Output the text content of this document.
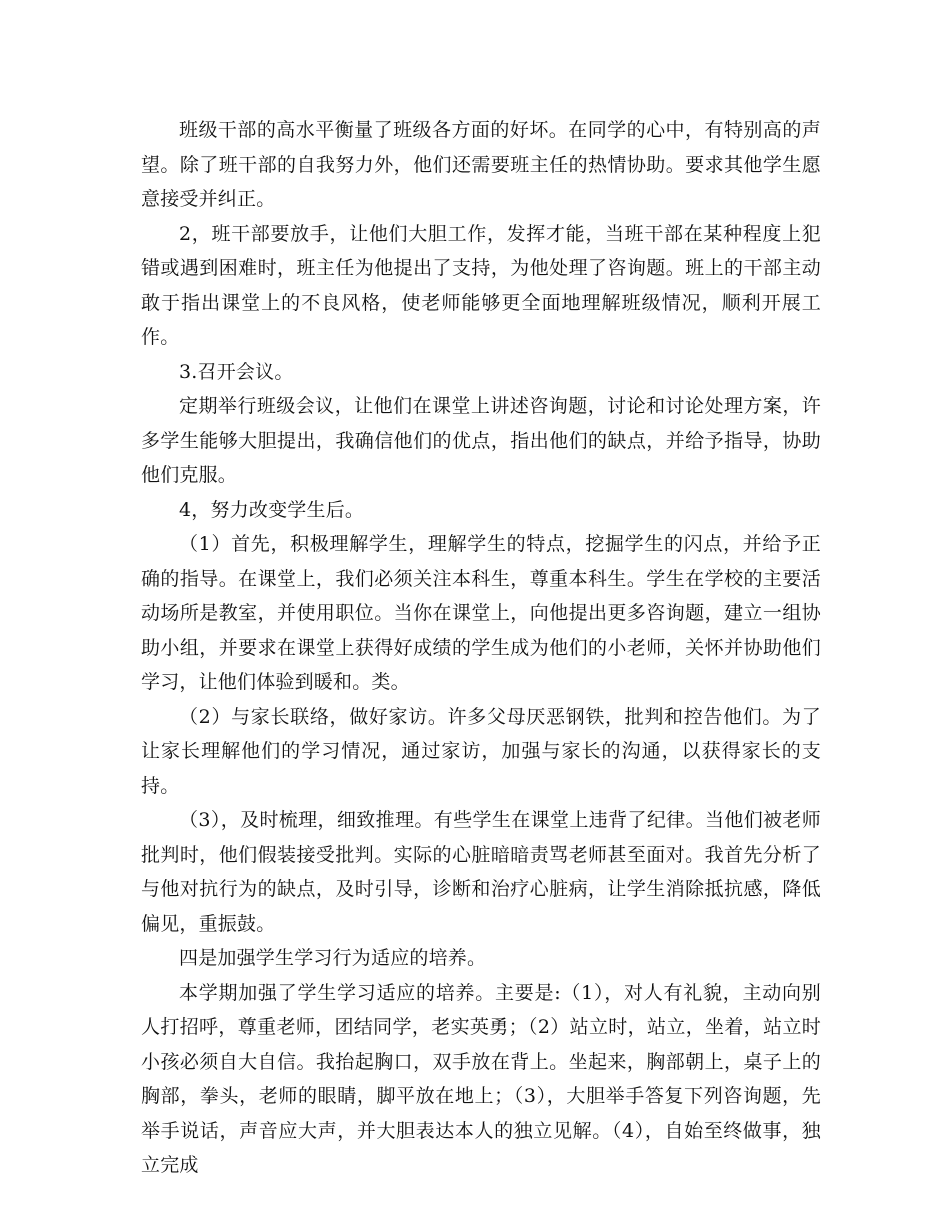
班级干部的高水平衡量了班级各方面的好坏。在同学的心中，有特别高的声望。除了班干部的自我努力外，他们还需要班主任的热情协助。要求其他学生愿意接受并纠正。

2，班干部要放手，让他们大胆工作，发挥才能，当班干部在某种程度上犯错或遇到困难时，班主任为他提出了支持，为他处理了咨询题。班上的干部主动敢于指出课堂上的不良风格，使老师能够更全面地理解班级情况，顺利开展工作。

3.召开会议。

定期举行班级会议，让他们在课堂上讲述咨询题，讨论和讨论处理方案，许多学生能够大胆提出，我确信他们的优点，指出他们的缺点，并给予指导，协助他们克服。

4，努力改变学生后。

（1）首先，积极理解学生，理解学生的特点，挖掘学生的闪点，并给予正确的指导。在课堂上，我们必须关注本科生，尊重本科生。学生在学校的主要活动场所是教室，并使用职位。当你在课堂上，向他提出更多咨询题，建立一组协助小组，并要求在课堂上获得好成绩的学生成为他们的小老师，关怀并协助他们学习，让他们体验到暖和。类。

（2）与家长联络，做好家访。许多父母厌恶钢铁，批判和控告他们。为了让家长理解他们的学习情况，通过家访，加强与家长的沟通，以获得家长的支持。

（3），及时梳理，细致推理。有些学生在课堂上违背了纪律。当他们被老师批判时，他们假装接受批判。实际的心脏暗暗责骂老师甚至面对。我首先分析了与他对抗行为的缺点，及时引导，诊断和治疗心脏病，让学生消除抵抗感，降低偏见，重振鼓。

四是加强学生学习行为适应的培养。

本学期加强了学生学习适应的培养。主要是:（1），对人有礼貌，主动向别人打招呼，尊重老师，团结同学，老实英勇；（2）站立时，站立，坐着，站立时小孩必须自大自信。我抬起胸口，双手放在背上。坐起来，胸部朝上，桌子上的胸部，拳头，老师的眼睛，脚平放在地上；（3），大胆举手答复下列咨询题，先举手说话，声音应大声，并大胆表达本人的独立见解。（4），自始至终做事，独立完成
